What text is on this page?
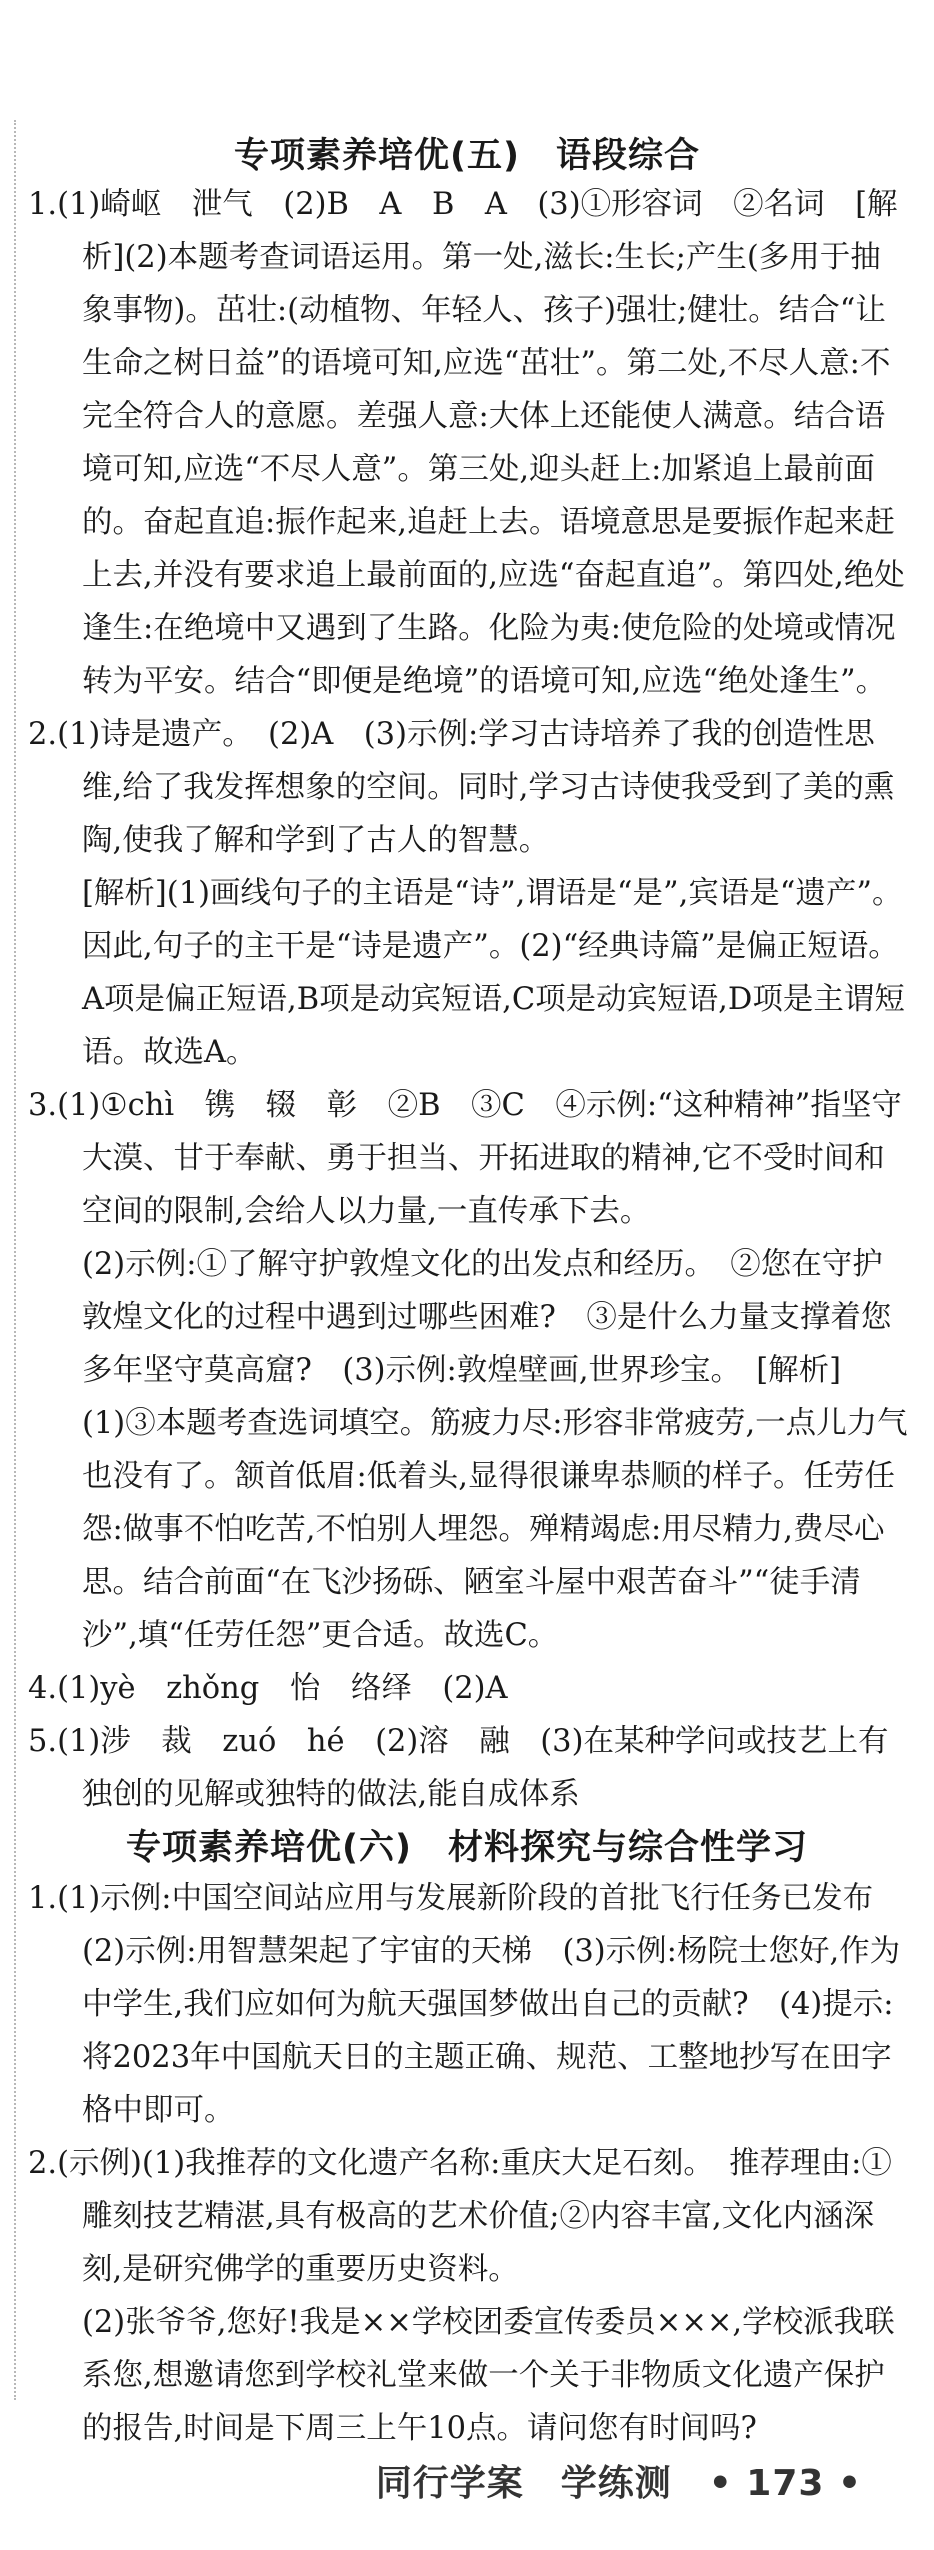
专项素养培优(五)　语段综合

1.(1)崎岖　泄气　(2)B　A　B　A　(3)①形容词　②名词　[解析](2)本题考查词语运用。第一处,滋长:生长;产生(多用于抽象事物)。茁壮:(动植物、年轻人、孩子)强壮;健壮。结合“让生命之树日益”的语境可知,应选“茁壮”。第二处,不尽人意:不完全符合人的意愿。差强人意:大体上还能使人满意。结合语境可知,应选“不尽人意”。第三处,迎头赶上:加紧追上最前面的。奋起直追:振作起来,追赶上去。语境意思是要振作起来赶上去,并没有要求追上最前面的,应选“奋起直追”。第四处,绝处逢生:在绝境中又遇到了生路。化险为夷:使危险的处境或情况转为平安。结合“即便是绝境”的语境可知,应选“绝处逢生”。

2.(1)诗是遗产。　(2)A　(3)示例:学习古诗培养了我的创造性思维,给了我发挥想象的空间。同时,学习古诗使我受到了美的熏陶,使我了解和学到了古人的智慧。

[解析](1)画线句子的主语是“诗”,谓语是“是”,宾语是“遗产”。因此,句子的主干是“诗是遗产”。(2)“经典诗篇”是偏正短语。A项是偏正短语,B项是动宾短语,C项是动宾短语,D项是主谓短语。故选A。

3.(1)①chì　镌　辍　彰　②B　③C　④示例:“这种精神”指坚守大漠、甘于奉献、勇于担当、开拓进取的精神,它不受时间和空间的限制,会给人以力量,一直传承下去。

(2)示例:①了解守护敦煌文化的出发点和经历。　②您在守护敦煌文化的过程中遇到过哪些困难?　③是什么力量支撑着您多年坚守莫高窟?　(3)示例:敦煌壁画,世界珍宝。　[解析](1)③本题考查选词填空。筋疲力尽:形容非常疲劳,一点儿力气也没有了。颔首低眉:低着头,显得很谦卑恭顺的样子。任劳任怨:做事不怕吃苦,不怕别人埋怨。殚精竭虑:用尽精力,费尽心思。结合前面“在飞沙扬砾、陋室斗屋中艰苦奋斗”“徒手清沙”,填“任劳任怨”更合适。故选C。

4.(1)yè　zhǒng　怡　络绎　(2)A

5.(1)涉　裁　zuó　hé　(2)溶　融　(3)在某种学问或技艺上有独创的见解或独特的做法,能自成体系

专项素养培优(六)　材料探究与综合性学习

1.(1)示例:中国空间站应用与发展新阶段的首批飞行任务已发布　(2)示例:用智慧架起了宇宙的天梯　(3)示例:杨院士您好,作为中学生,我们应如何为航天强国梦做出自己的贡献?　(4)提示:将2023年中国航天日的主题正确、规范、工整地抄写在田字格中即可。

2.(示例)(1)我推荐的文化遗产名称:重庆大足石刻。　推荐理由:①雕刻技艺精湛,具有极高的艺术价值;②内容丰富,文化内涵深刻,是研究佛学的重要历史资料。

(2)张爷爷,您好!我是××学校团委宣传委员×××,学校派我联系您,想邀请您到学校礼堂来做一个关于非物质文化遗产保护的报告,时间是下周三上午10点。请问您有时间吗?

同行学案　学练测　• 173 •
